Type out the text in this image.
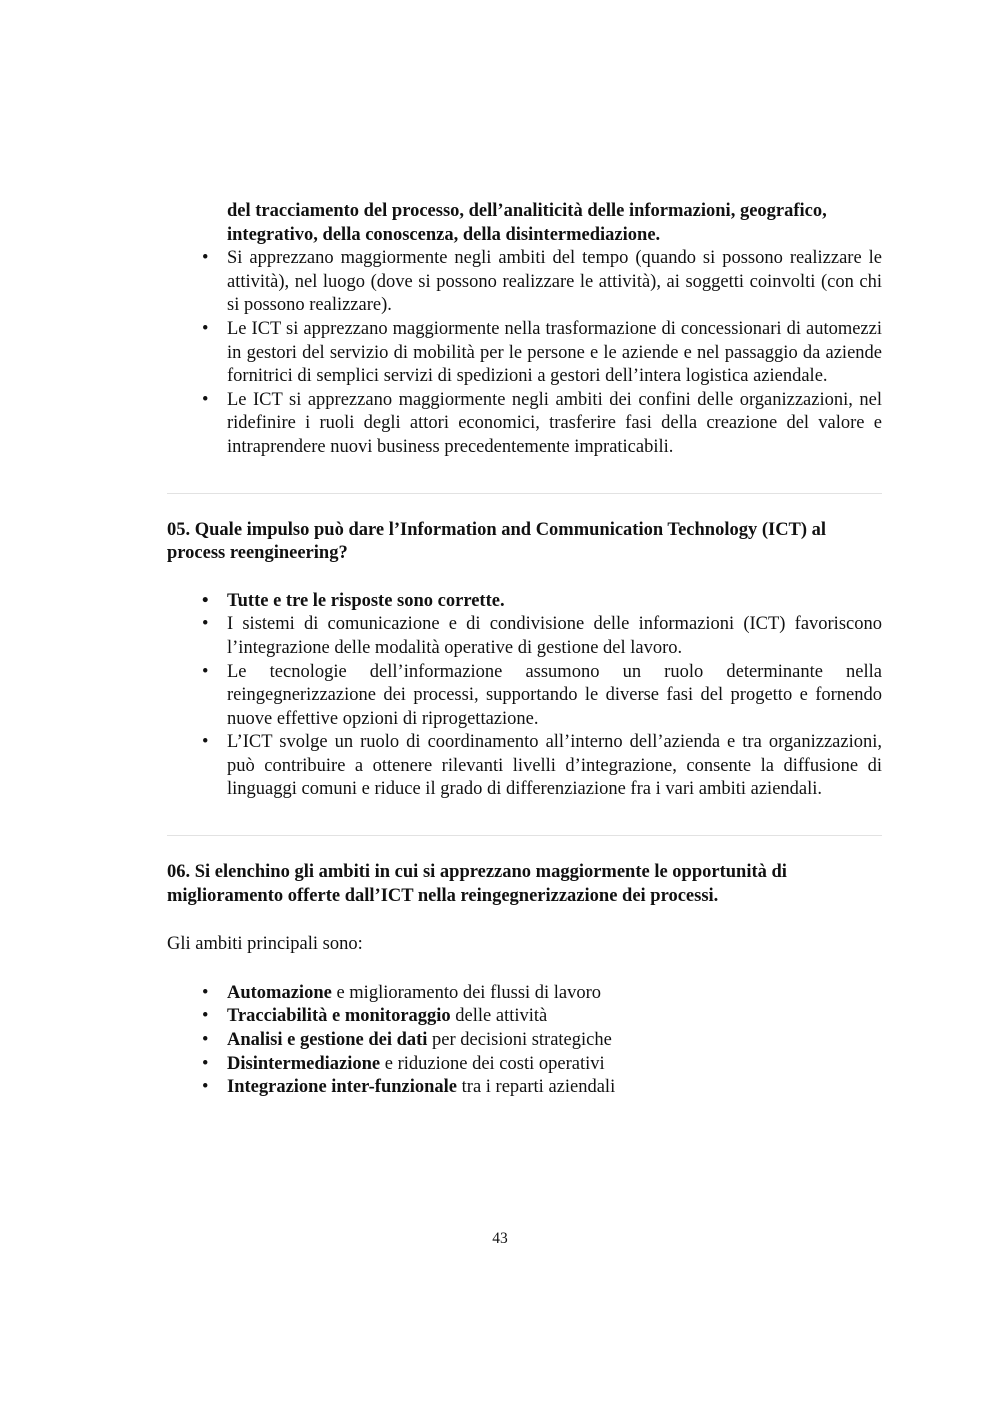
del tracciamento del processo, dell’analiticità delle informazioni, geografico, integrativo, della conoscenza, della disintermediazione.

• Si apprezzano maggiormente negli ambiti del tempo (quando si possono realizzare le attività), nel luogo (dove si possono realizzare le attività), ai soggetti coinvolti (con chi si possono realizzare).
• Le ICT si apprezzano maggiormente nella trasformazione di concessionari di automezzi in gestori del servizio di mobilità per le persone e le aziende e nel passaggio da aziende fornitrici di semplici servizi di spedizioni a gestori dell’intera logistica aziendale.
• Le ICT si apprezzano maggiormente negli ambiti dei confini delle organizzazioni, nel ridefinire i ruoli degli attori economici, trasferire fasi della creazione del valore e intraprendere nuovi business precedentemente impraticabili.

05. Quale impulso può dare l’Information and Communication Technology (ICT) al process reengineering?

• Tutte e tre le risposte sono corrette.
• I sistemi di comunicazione e di condivisione delle informazioni (ICT) favoriscono l’integrazione delle modalità operative di gestione del lavoro.
• Le tecnologie dell’informazione assumono un ruolo determinante nella reingegnerizzazione dei processi, supportando le diverse fasi del progetto e fornendo nuove effettive opzioni di riprogettazione.
• L’ICT svolge un ruolo di coordinamento all’interno dell’azienda e tra organizzazioni, può contribuire a ottenere rilevanti livelli d’integrazione, consente la diffusione di linguaggi comuni e riduce il grado di differenziazione fra i vari ambiti aziendali.

06. Si elenchino gli ambiti in cui si apprezzano maggiormente le opportunità di miglioramento offerte dall’ICT nella reingegnerizzazione dei processi.

Gli ambiti principali sono:

• Automazione e miglioramento dei flussi di lavoro
• Tracciabilità e monitoraggio delle attività
• Analisi e gestione dei dati per decisioni strategiche
• Disintermediazione e riduzione dei costi operativi
• Integrazione inter-funzionale tra i reparti aziendali
43
